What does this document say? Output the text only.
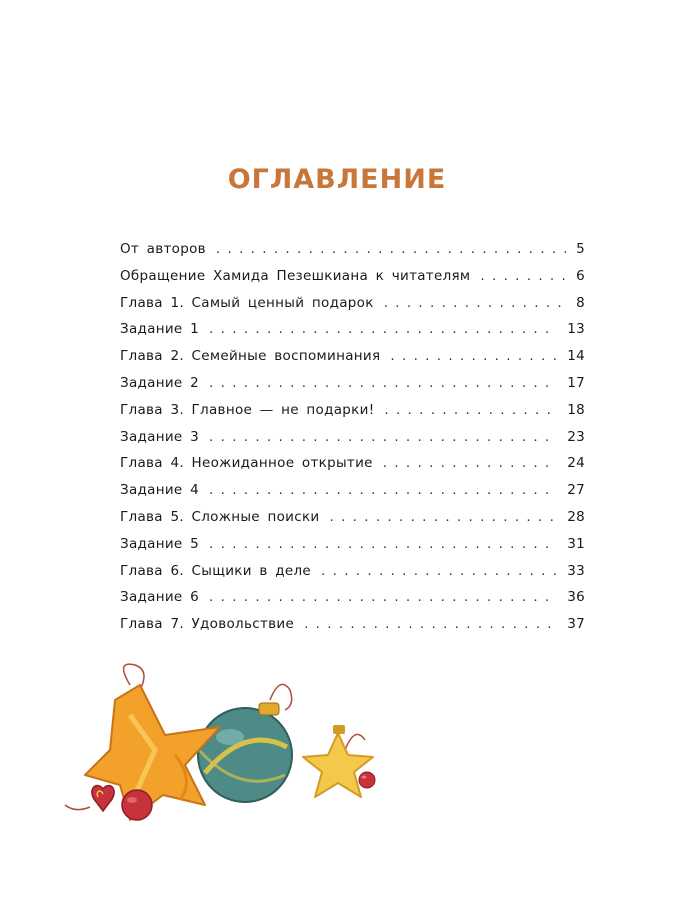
ОГЛАВЛЕНИЕ
От авторов . . .	5
Обращение Хамида Пезешкиана к читателям . . .	6
Глава 1. Самый ценный подарок . . .	8
Задание 1 . . .	13
Глава 2. Семейные воспоминания . . .	14
Задание 2 . . .	17
Глава 3. Главное — не подарки! . . .	18
Задание 3 . . .	23
Глава 4. Неожиданное открытие . . .	24
Задание 4 . . .	27
Глава 5. Сложные поиски . . .	28
Задание 5 . . .	31
Глава 6. Сыщики в деле . . .	33
Задание 6 . . .	36
Глава 7. Удовольствие . . .	37
